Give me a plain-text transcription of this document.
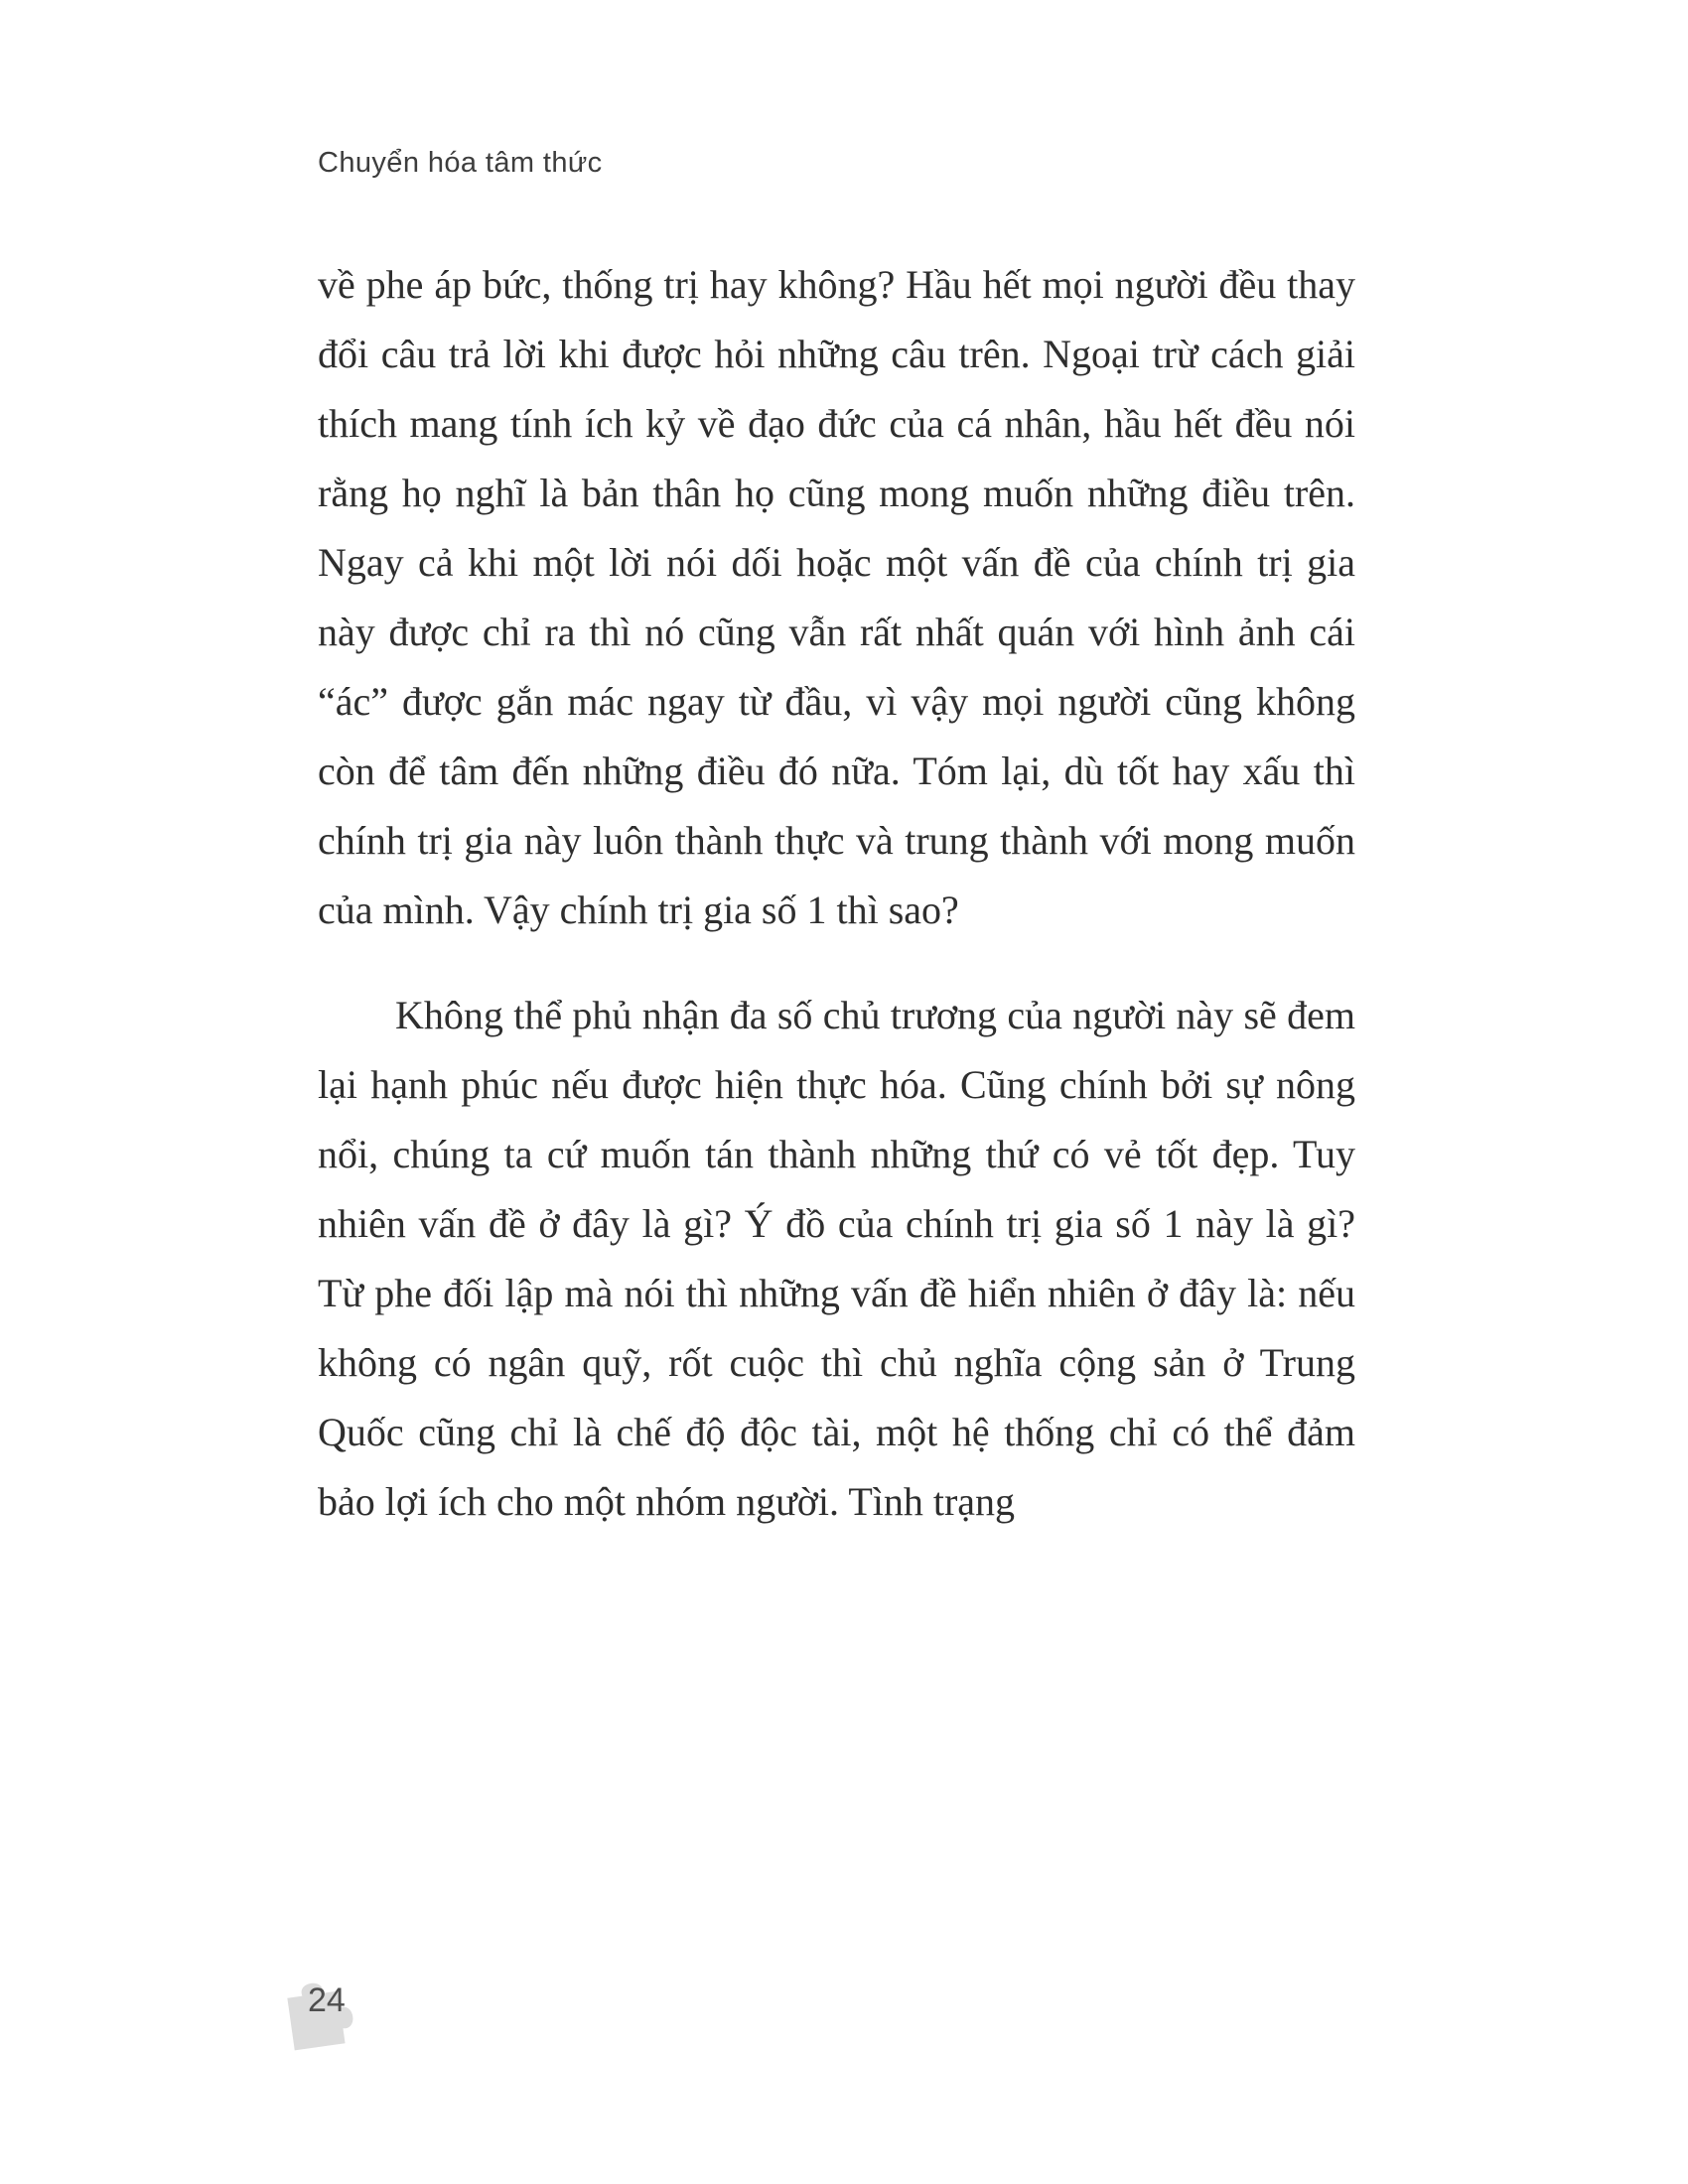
Chuyển hóa tâm thức

về phe áp bức, thống trị hay không? Hầu hết mọi người đều thay đổi câu trả lời khi được hỏi những câu trên. Ngoại trừ cách giải thích mang tính ích kỷ về đạo đức của cá nhân, hầu hết đều nói rằng họ nghĩ là bản thân họ cũng mong muốn những điều trên. Ngay cả khi một lời nói dối hoặc một vấn đề của chính trị gia này được chỉ ra thì nó cũng vẫn rất nhất quán với hình ảnh cái “ác” được gắn mác ngay từ đầu, vì vậy mọi người cũng không còn để tâm đến những điều đó nữa. Tóm lại, dù tốt hay xấu thì chính trị gia này luôn thành thực và trung thành với mong muốn của mình. Vậy chính trị gia số 1 thì sao?

Không thể phủ nhận đa số chủ trương của người này sẽ đem lại hạnh phúc nếu được hiện thực hóa. Cũng chính bởi sự nông nổi, chúng ta cứ muốn tán thành những thứ có vẻ tốt đẹp. Tuy nhiên vấn đề ở đây là gì? Ý đồ của chính trị gia số 1 này là gì? Từ phe đối lập mà nói thì những vấn đề hiển nhiên ở đây là: nếu không có ngân quỹ, rốt cuộc thì chủ nghĩa cộng sản ở Trung Quốc cũng chỉ là chế độ độc tài, một hệ thống chỉ có thể đảm bảo lợi ích cho một nhóm người. Tình trạng

24
